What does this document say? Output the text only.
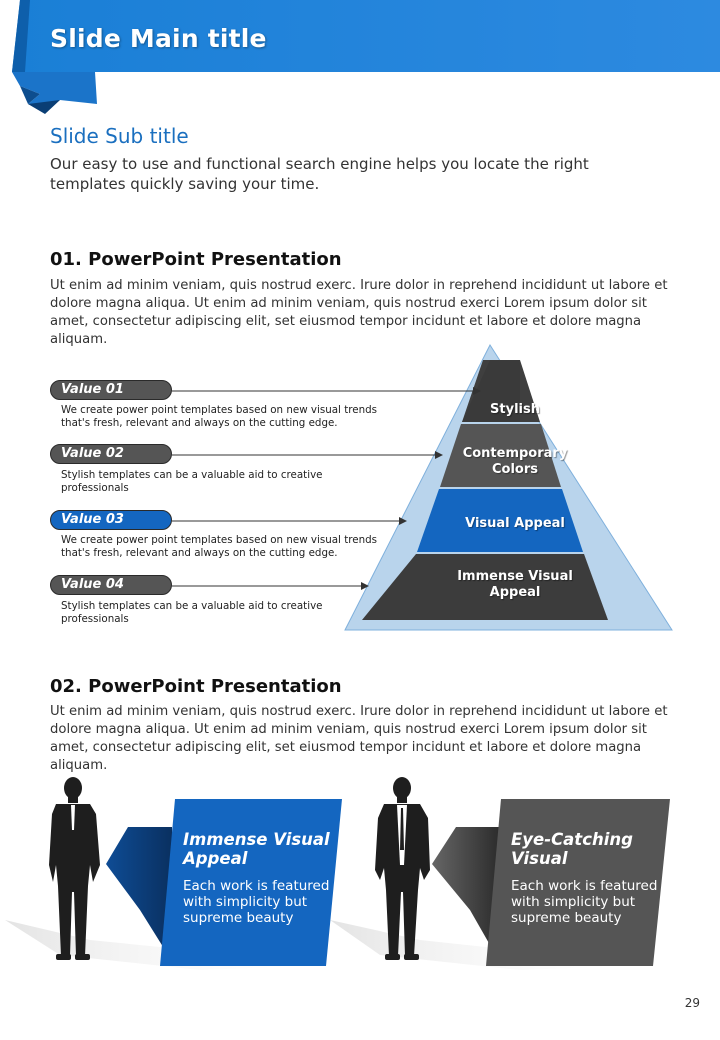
Slide Main title
Slide Sub title
Our easy to use and functional search engine helps you locate the right templates quickly saving your time.
01. PowerPoint Presentation
Ut enim ad minim veniam, quis nostrud exerc. Irure dolor in reprehend incididunt ut labore et dolore magna aliqua. Ut enim ad minim veniam, quis nostrud exerci Lorem ipsum dolor sit amet, consectetur adipiscing elit, set eiusmod tempor incidunt et labore et dolore magna aliquam.
Stylish
Contemporary Colors
Visual Appeal
Immense Visual Appeal
Value 01
We create power point templates based on new visual trends that's fresh, relevant and always on the cutting edge.
Value 02
Stylish templates can be a valuable aid to creative professionals
Value 03
We create power point templates based on new visual trends that's fresh, relevant and always on the cutting edge.
Value 04
Stylish templates can be a valuable aid to creative professionals
02. PowerPoint Presentation
Ut enim ad minim veniam, quis nostrud exerc. Irure dolor in reprehend incididunt ut labore et dolore magna aliqua. Ut enim ad minim veniam, quis nostrud exerci Lorem ipsum dolor sit amet, consectetur adipiscing elit, set eiusmod tempor incidunt et labore et dolore magna aliquam.
Immense Visual Appeal
Each work is featured with simplicity but supreme beauty
Eye-Catching Visual
Each work is featured with simplicity but supreme beauty
29
